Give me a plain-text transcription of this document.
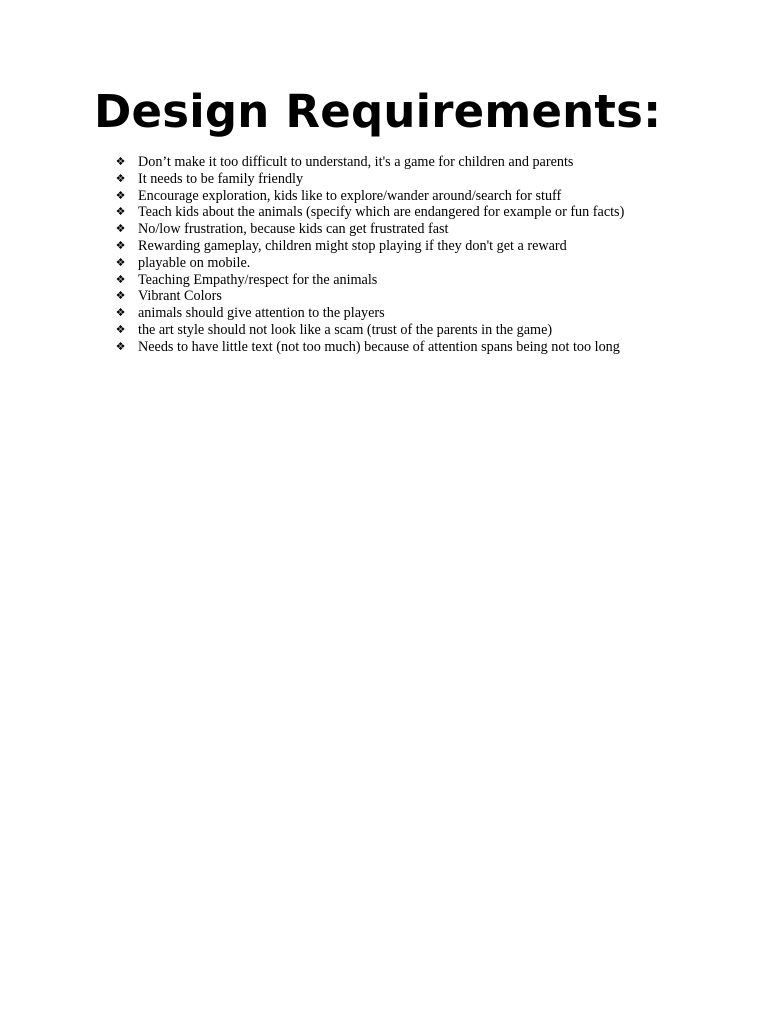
Design Requirements:
❖ Don’t make it too difficult to understand, it's a game for children and parents
❖ It needs to be family friendly
❖ Encourage exploration, kids like to explore/wander around/search for stuff
❖ Teach kids about the animals (specify which are endangered for example or fun facts)
❖ No/low frustration, because kids can get frustrated fast
❖ Rewarding gameplay, children might stop playing if they don't get a reward
❖ playable on mobile.
❖ Teaching Empathy/respect for the animals
❖ Vibrant Colors
❖ animals should give attention to the players
❖ the art style should not look like a scam (trust of the parents in the game)
❖ Needs to have little text (not too much) because of attention spans being not too long
